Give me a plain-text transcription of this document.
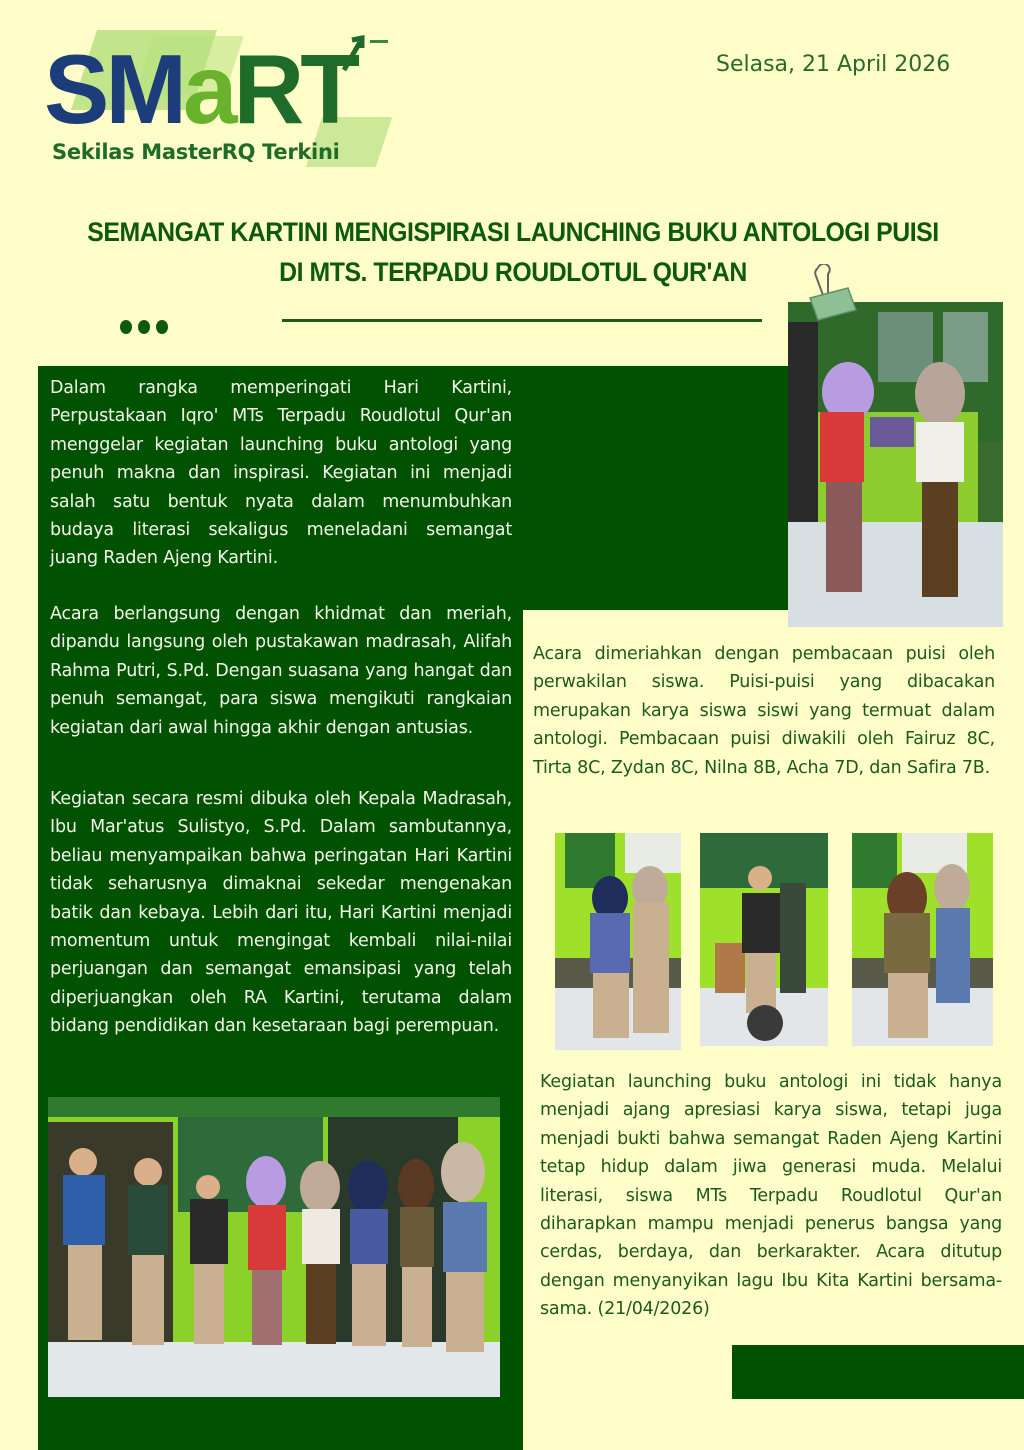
SMaRT
Sekilas MasterRQ Terkini
Selasa, 21 April 2026
SEMANGAT KARTINI MENGISPIRASI LAUNCHING BUKU ANTOLOGI PUISI
DI MTS. TERPADU ROUDLOTUL QUR'AN
Dalam rangka memperingati Hari Kartini, Perpustakaan Iqro' MTs Terpadu Roudlotul Qur'an menggelar kegiatan launching buku antologi yang penuh makna dan inspirasi. Kegiatan ini menjadi salah satu bentuk nyata dalam menumbuhkan budaya literasi sekaligus meneladani semangat juang Raden Ajeng Kartini.
Acara berlangsung dengan khidmat dan meriah, dipandu langsung oleh pustakawan madrasah, Alifah Rahma Putri, S.Pd. Dengan suasana yang hangat dan penuh semangat, para siswa mengikuti rangkaian kegiatan dari awal hingga akhir dengan antusias.
Kegiatan secara resmi dibuka oleh Kepala Madrasah, Ibu Mar'atus Sulistyo, S.Pd. Dalam sambutannya, beliau menyampaikan bahwa peringatan Hari Kartini tidak seharusnya dimaknai sekedar mengenakan batik dan kebaya. Lebih dari itu, Hari Kartini menjadi momentum untuk mengingat kembali nilai-nilai perjuangan dan semangat emansipasi yang telah diperjuangkan oleh RA Kartini, terutama dalam bidang pendidikan dan kesetaraan bagi perempuan.
Acara dimeriahkan dengan pembacaan puisi oleh perwakilan siswa. Puisi-puisi yang dibacakan merupakan karya siswa siswi yang termuat dalam antologi. Pembacaan puisi diwakili oleh Fairuz 8C, Tirta 8C, Zydan 8C, Nilna 8B, Acha 7D, dan Safira 7B.
Kegiatan launching buku antologi ini tidak hanya menjadi ajang apresiasi karya siswa, tetapi juga menjadi bukti bahwa semangat Raden Ajeng Kartini tetap hidup dalam jiwa generasi muda. Melalui literasi, siswa MTs Terpadu Roudlotul Qur'an diharapkan mampu menjadi penerus bangsa yang cerdas, berdaya, dan berkarakter. Acara ditutup dengan menyanyikan lagu Ibu Kita Kartini bersama- sama. (21/04/2026)
